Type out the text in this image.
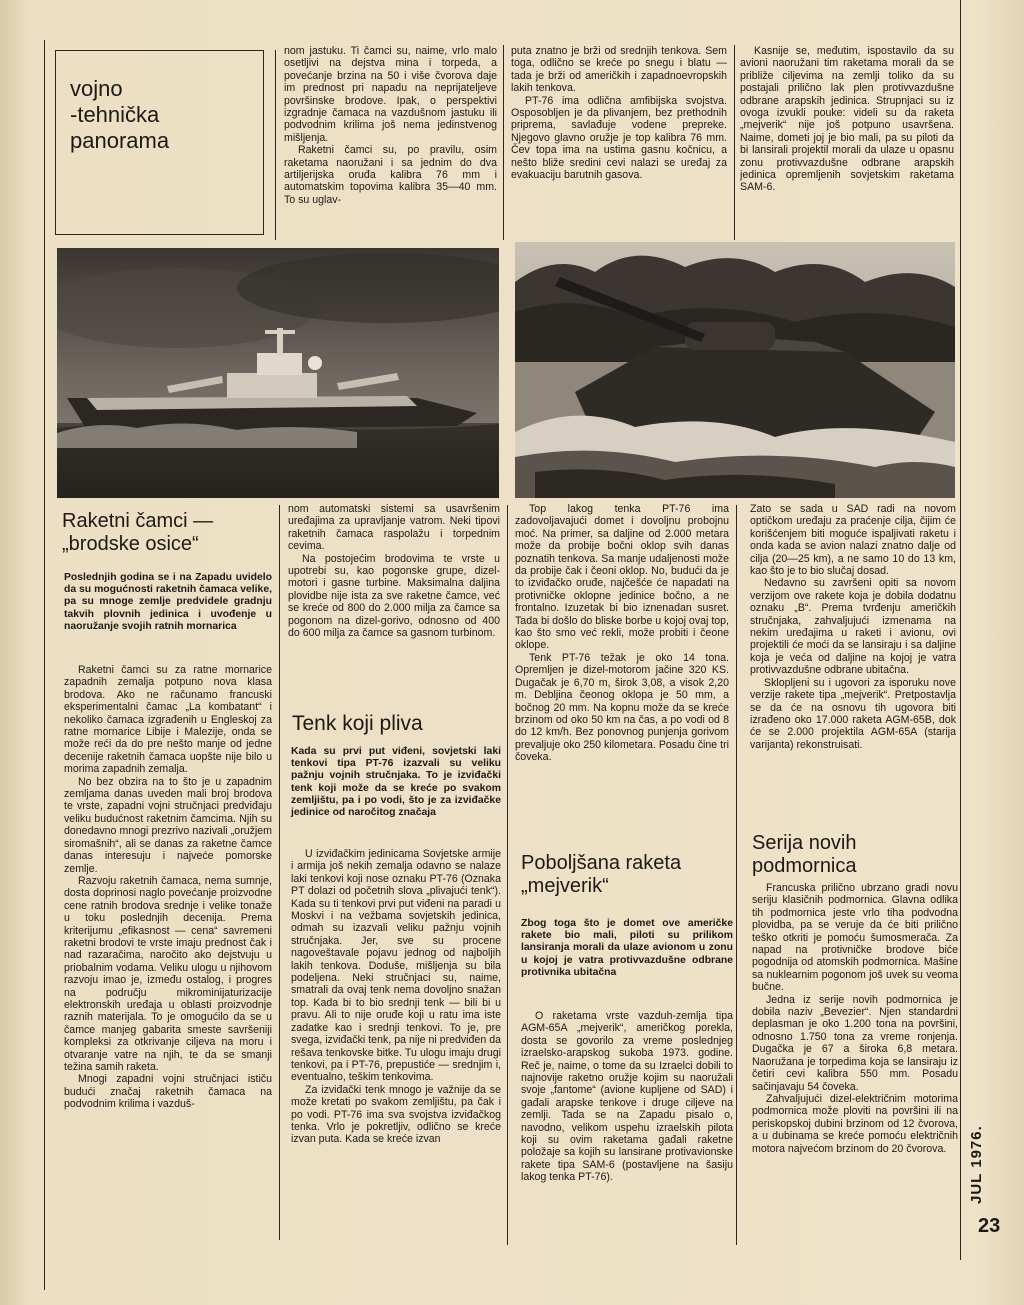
vojno
-tehnička
panorama

nom jastuku. Ti čamci su, naime, vrlo malo osetljivi na dejstva mina i torpeda, a povećanje brzina na 50 i više čvorova daje im prednost pri napadu na neprijateljeve površinske brodove. Ipak, o perspektivi izgradnje čamaca na vazdušnom jastuku ili podvodnim krilima još nema jedinstvenog mišljenja.

Raketni čamci su, po pravilu, osim raketama naoružani i sa jednim do dva artiljerijska oruđa kalibra 76 mm i automatskim topovima kalibra 35—40 mm. To su uglav-

puta znatno je brži od srednjih tenkova. Sem toga, odlično se kreće po snegu i blatu — tada je brži od američkih i zapadnoevropskih lakih tenkova.

PT-76 ima odlična amfibijska svojstva. Osposobljen je da plivanjem, bez prethodnih priprema, savlađuje vodene prepreke. Njegovo glavno oružje je top kalibra 76 mm. Čev topa ima na ustima gasnu kočnicu, a nešto bliže sredini cevi nalazi se uređaj za evakuaciju barutnih gasova.

Kasnije se, međutim, ispostavilo da su avioni naoružani tim raketama morali da se približe ciljevima na zemlji toliko da su postajali prilično lak plen protivvazdušne odbrane arapskih jedinica. Strupnjaci su iz ovoga izvukli pouke: videli su da raketa „mejverik“ nije još potpuno usavršena. Naime, dometi joj je bio mali, pa su piloti da bi lansirali projektil morali da ulaze u opasnu zonu protivvazdušne odbrane arapskih jedinica opremljenih sovjetskim raketama SAM-6.

Raketni čamci —
„brodske osice“
Poslednjih godina se i na Zapadu uvidelo da su mogućnosti raketnih čamaca velike, pa su mnoge zemlje predvidele gradnju takvih plovnih jedinica i uvođenje u naoružanje svojih ratnih mornarica

Raketni čamci su za ratne mornarice zapadnih zemalja potpuno nova klasa brodova. Ako ne računamo francuski eksperimentalni čamac „La kombatant“ i nekoliko čamaca izgrađenih u Engleskoj za ratne mornarice Libije i Malezije, onda se može reći da do pre nešto manje od jedne decenije raketnih čamaca uopšte nije bilo u morima zapadnih zemalja.

No bez obzira na to što je u zapadnim zemljama danas uveden mali broj brodova te vrste, zapadni vojni stručnjaci predviđaju veliku budućnost raketnim čamcima. Njih su donedavno mnogi prezrivo nazivali „oružjem siromašnih“, ali se danas za raketne čamce danas interesuju i najveće pomorske zemlje.

Razvoju raketnih čamaca, nema sumnje, dosta doprinosi naglo povećanje proizvodne cene ratnih brodova srednje i velike tonaže u toku poslednjih decenija. Prema kriterijumu „efikasnost — cena“ savremeni raketni brodovi te vrste imaju prednost čak i nad razaračima, naročito ako dejstvuju u priobalnim vodama. Veliku ulogu u njihovom razvoju imao je, između ostalog, i progres na području mikrominijaturizacije elektronskih uređaja u oblasti proizvodnje raznih materijala. To je omogućilo da se u čamce manjeg gabarita smeste savršeniji kompleksi za otkrivanje ciljeva na moru i otvaranje vatre na njih, te da se smanji težina samih raketa.

Mnogi zapadni vojni stručnjaci ističu budući značaj raketnih čamaca na podvodnim krilima i vazduš-

nom automatski sistemi sa usavršenim uređajima za upravljanje vatrom. Neki tipovi raketnih čamaca raspolažu i torpednim cevima.

Na postojećim brodovima te vrste u upotrebi su, kao pogonske grupe, dizel-motori i gasne turbine. Maksimalna daljina plovidbe nije ista za sve raketne čamce, već se kreće od 800 do 2.000 milja za čamce sa pogonom na dizel-gorivo, odnosno od 400 do 600 milja za čamce sa gasnom turbinom.

Tenk koji pliva
Kada su prvi put viđeni, sovjetski laki tenkovi tipa PT-76 izazvali su veliku pažnju vojnih stručnjaka. To je izviđački tenk koji može da se kreće po svakom zemljištu, pa i po vodi, što je za izviđačke jedinice od naročitog značaja

U izviđačkim jedinicama Sovjetske armije i armija još nekih zemalja odavno se nalaze laki tenkovi koji nose oznaku PT-76 (Oznaka PT dolazi od početnih slova „plivajući tenk“). Kada su ti tenkovi prvi put viđeni na paradi u Moskvi i na vežbama sovjetskih jedinica, odmah su izazvali veliku pažnju vojnih stručnjaka. Jer, sve su procene nagoveštavale pojavu jednog od najboljih lakih tenkova. Doduše, mišljenja su bila podeljena. Neki stručnjaci su, naime, smatrali da ovaj tenk nema dovoljno snažan top. Kada bi to bio srednji tenk — bili bi u pravu. Ali to nije oruđe koji u ratu ima iste zadatke kao i srednji tenkovi. To je, pre svega, izviđački tenk, pa nije ni predviđen da rešava tenkovske bitke. Tu ulogu imaju drugi tenkovi, pa i PT-76, prepustiće — srednjim i, eventualno, teškim tenkovima.

Za izviđački tenk mnogo je važnije da se može kretati po svakom zemljištu, pa čak i po vodi. PT-76 ima sva svojstva izviđačkog tenka. Vrlo je pokretljiv, odlično se kreće izvan puta. Kada se kreće izvan

Top lakog tenka PT-76 ima zadovoljavajući domet i dovoljnu probojnu moć. Na primer, sa daljine od 2.000 metara može da probije bočni oklop svih danas poznatih tenkova. Sa manje udaljenosti može da probije čak i čeoni oklop. No, budući da je to izviđačko oruđe, najčešće će napadati na protivničke oklopne jedinice bočno, a ne frontalno. Izuzetak bi bio iznenadan susret. Tada bi došlo do bliske borbe u kojoj ovaj top, kao što smo već rekli, može probiti i čeone oklope.

Tenk PT-76 težak je oko 14 tona. Opremljen je dizel-motorom jačine 320 KS. Dugačak je 6,70 m, širok 3,08, a visok 2,20 m. Debljina čeonog oklopa je 50 mm, a bočnog 20 mm. Na kopnu može da se kreće brzinom od oko 50 km na čas, a po vodi od 8 do 12 km/h. Bez ponovnog punjenja gorivom prevaljuje oko 250 kilometara. Posadu čine tri čoveka.

Poboljšana raketa
„mejverik“
Zbog toga što je domet ove američke rakete bio mali, piloti su prilikom lansiranja morali da ulaze avionom u zonu u kojoj je vatra protivvazdušne odbrane protivnika ubitačna

O raketama vrste vazduh-zemlja tipa AGM-65A „mejverik“, američkog porekla, dosta se govorilo za vreme poslednjeg izraelsko-arapskog sukoba 1973. godine. Reč je, naime, o tome da su Izraelci dobili to najnovije raketno oružje kojim su naoružali svoje „fantome“ (avione kupljene od SAD) i gađali arapske tenkove i druge ciljeve na zemlji. Tada se na Zapadu pisalo o, navodno, velikom uspehu izraelskih pilota koji su ovim raketama gađali raketne položaje sa kojih su lansirane protivavionske rakete tipa SAM-6 (postavljene na šasiju lakog tenka PT-76).

Zato se sada u SAD radi na novom optičkom uređaju za praćenje cilja, čijim će korišćenjem biti moguće ispaljivati raketu i onda kada se avion nalazi znatno dalje od cilja (20—25 km), a ne samo 10 do 13 km, kao što je to bio slučaj dosad.

Nedavno su završeni opiti sa novom verzijom ove rakete koja je dobila dodatnu oznaku „B“. Prema tvrđenju američkih stručnjaka, zahvaljujući izmenama na nekim uređajima u raketi i avionu, ovi projektili će moći da se lansiraju i sa daljine koja je veća od daljine na kojoj je vatra protivvazdušne odbrane ubitačna.

Sklopljeni su i ugovori za isporuku nove verzije rakete tipa „mejverik“. Pretpostavlja se da će na osnovu tih ugovora biti izrađeno oko 17.000 raketa AGM-65B, dok će se 2.000 projektila AGM-65A (starija varijanta) rekonstruisati.

Serija novih
podmornica

Francuska prilično ubrzano gradi novu seriju klasičnih podmornica. Glavna odlika tih podmornica jeste vrlo tiha podvodna plovidba, pa se veruje da će biti prilično teško otkriti je pomoću šumosmerača. Za napad na protivničke brodove biće pogodnija od atomskih podmornica. Mašine sa nuklearnim pogonom još uvek su veoma bučne.

Jedna iz serije novih podmornica je dobila naziv „Bevezier“. Njen standardni deplasman je oko 1.200 tona na površini, odnosno 1.750 tona za vreme ronjenja. Dugačka je 67 a široka 6,8 metara. Naoružana je torpedima koja se lansiraju iz četiri cevi kalibra 550 mm. Posadu sačinjavaju 54 čoveka.

Zahvaljujući dizel-električnim motorima podmornica može ploviti na površini ili na periskopskoj dubini brzinom od 12 čvorova, a u dubinama se kreće pomoću električnih motora najvećom brzinom do 20 čvorova.	JUL 1976.
23
